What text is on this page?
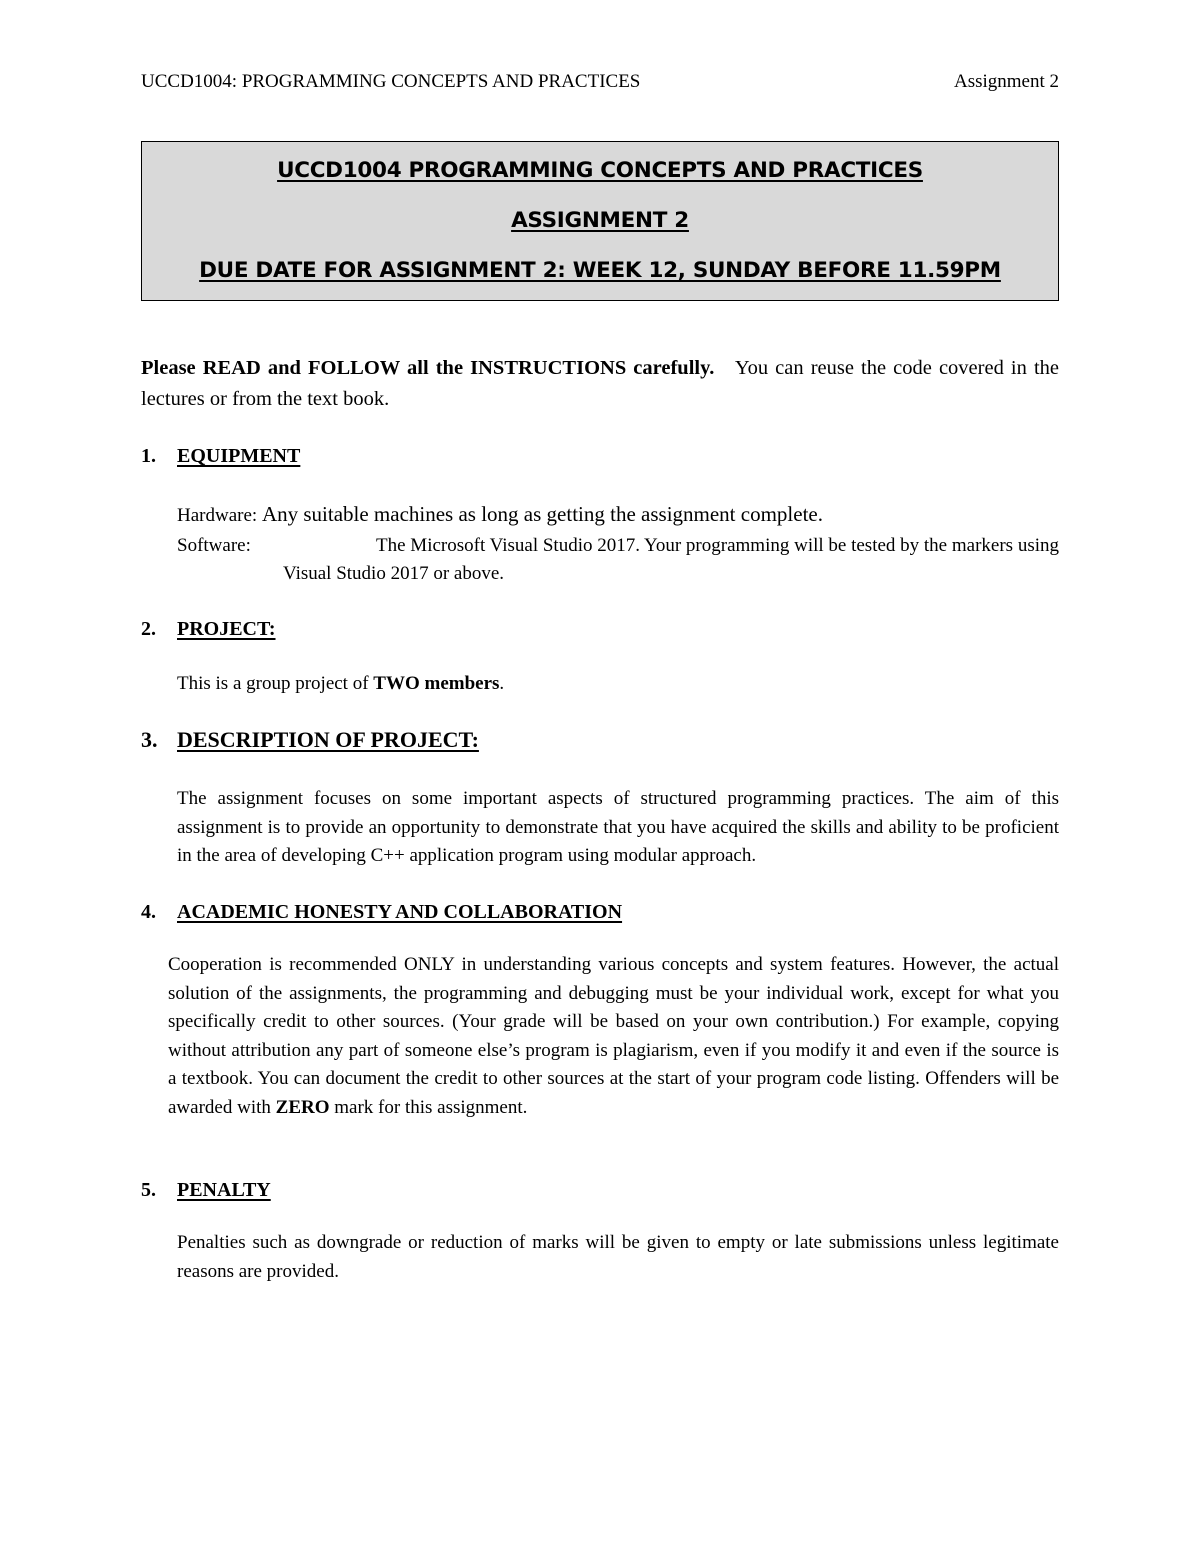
UCCD1004: PROGRAMMING CONCEPTS AND PRACTICES	Assignment 2
UCCD1004 PROGRAMMING CONCEPTS AND PRACTICES
ASSIGNMENT 2
DUE DATE FOR ASSIGNMENT 2: WEEK 12, SUNDAY BEFORE 11.59PM
Please READ and FOLLOW all the INSTRUCTIONS carefully. You can reuse the code covered in the lectures or from the text book.
1.	EQUIPMENT
Hardware: Any suitable machines as long as getting the assignment complete.
Software:	The Microsoft Visual Studio 2017. Your programming will be tested by the markers using
Visual Studio 2017 or above.
2.	PROJECT:
This is a group project of TWO members.
3. DESCRIPTION OF PROJECT:
The assignment focuses on some important aspects of structured programming practices. The aim of this assignment is to provide an opportunity to demonstrate that you have acquired the skills and ability to be proficient in the area of developing C++ application program using modular approach.
4.	ACADEMIC HONESTY AND COLLABORATION
Cooperation is recommended ONLY in understanding various concepts and system features. However, the actual solution of the assignments, the programming and debugging must be your individual work, except for what you specifically credit to other sources. (Your grade will be based on your own contribution.) For example, copying without attribution any part of someone else’s program is plagiarism, even if you modify it and even if the source is a textbook. You can document the credit to other sources at the start of your program code listing. Offenders will be awarded with ZERO mark for this assignment.
5.	PENALTY
Penalties such as downgrade or reduction of marks will be given to empty or late submissions unless legitimate reasons are provided.
